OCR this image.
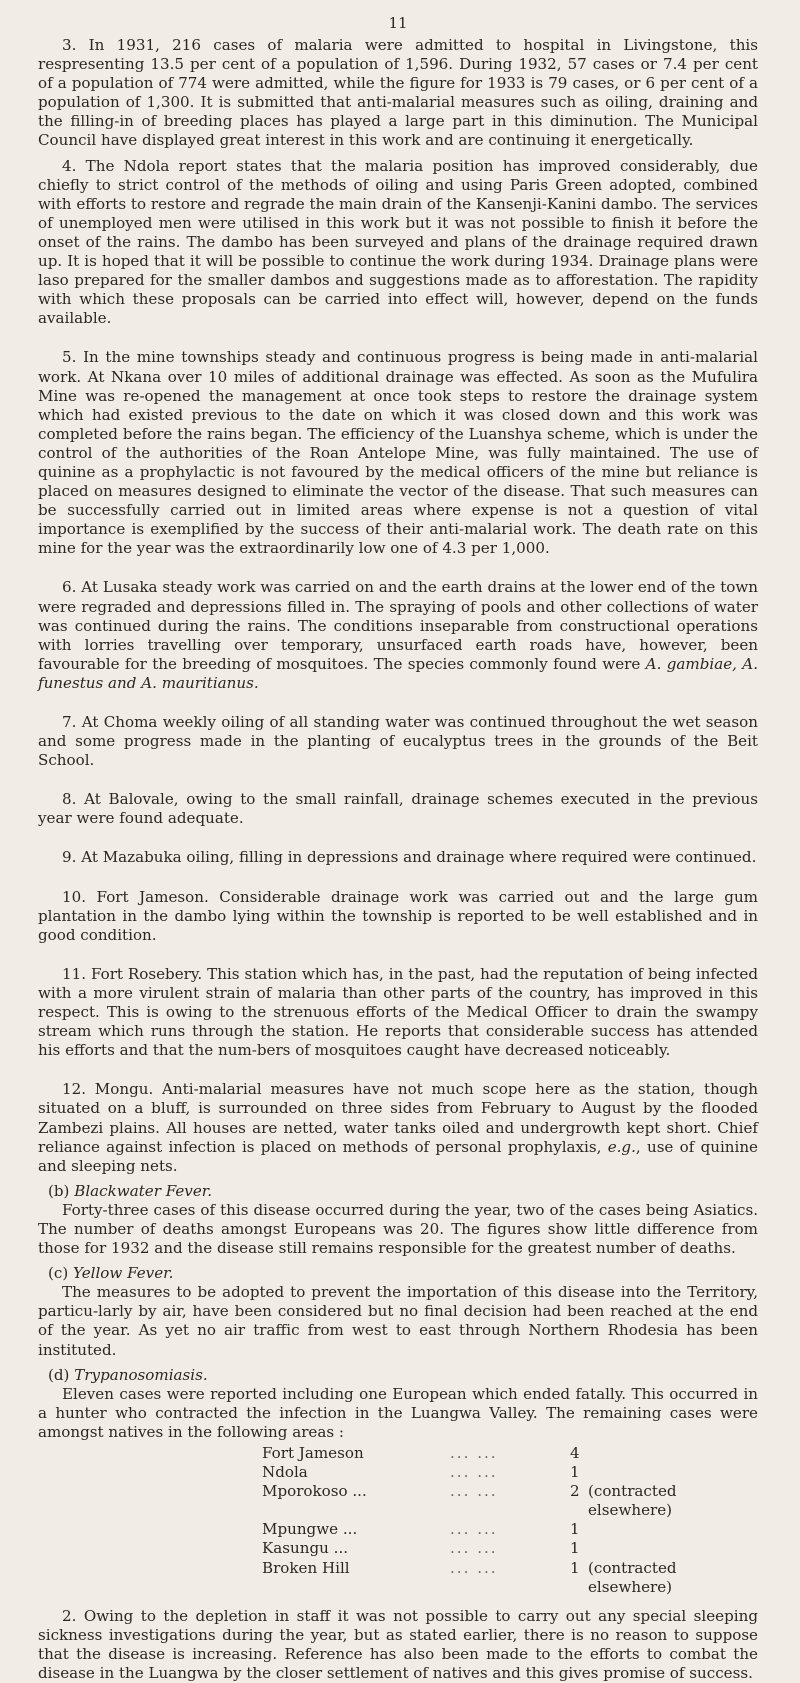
11

3. In 1931, 216 cases of malaria were admitted to hospital in Livingstone, this respresenting 13.5 per cent of a population of 1,596. During 1932, 57 cases or 7.4 per cent of a population of 774 were admitted, while the figure for 1933 is 79 cases, or 6 per cent of a population of 1,300. It is submitted that anti-malarial measures such as oiling, draining and the filling-in of breeding places has played a large part in this diminution. The Municipal Council have displayed great interest in this work and are continuing it energetically.

4. The Ndola report states that the malaria position has improved considerably, due chiefly to strict control of the methods of oiling and using Paris Green adopted, combined with efforts to restore and regrade the main drain of the Kansenji-Kanini dambo. The services of unemployed men were utilised in this work but it was not possible to finish it before the onset of the rains. The dambo has been surveyed and plans of the drainage required drawn up. It is hoped that it will be possible to continue the work during 1934. Drainage plans were laso prepared for the smaller dambos and suggestions made as to afforestation. The rapidity with which these proposals can be carried into effect will, however, depend on the funds available.

5. In the mine townships steady and continuous progress is being made in anti-malarial work. At Nkana over 10 miles of additional drainage was effected. As soon as the Mufulira Mine was re-opened the management at once took steps to restore the drainage system which had existed previous to the date on which it was closed down and this work was completed before the rains began. The efficiency of the Luanshya scheme, which is under the control of the authorities of the Roan Antelope Mine, was fully maintained. The use of quinine as a prophylactic is not favoured by the medical officers of the mine but reliance is placed on measures designed to eliminate the vector of the disease. That such measures can be successfully carried out in limited areas where expense is not a question of vital importance is exemplified by the success of their anti-malarial work. The death rate on this mine for the year was the extraordinarily low one of 4.3 per 1,000.

6. At Lusaka steady work was carried on and the earth drains at the lower end of the town were regraded and depressions filled in. The spraying of pools and other collections of water was continued during the rains. The conditions inseparable from constructional operations with lorries travelling over temporary, unsurfaced earth roads have, however, been favourable for the breeding of mosquitoes. The species commonly found were A. gambiae, A. funestus and A. mauritianus.

7. At Choma weekly oiling of all standing water was continued throughout the wet season and some progress made in the planting of eucalyptus trees in the grounds of the Beit School.

8. At Balovale, owing to the small rainfall, drainage schemes executed in the previous year were found adequate.

9. At Mazabuka oiling, filling in depressions and drainage where required were continued.

10. Fort Jameson. Considerable drainage work was carried out and the large gum plantation in the dambo lying within the township is reported to be well established and in good condition.

11. Fort Rosebery. This station which has, in the past, had the reputation of being infected with a more virulent strain of malaria than other parts of the country, has improved in this respect. This is owing to the strenuous efforts of the Medical Officer to drain the swampy stream which runs through the station. He reports that considerable success has attended his efforts and that the num-bers of mosquitoes caught have decreased noticeably.

12. Mongu. Anti-malarial measures have not much scope here as the station, though situated on a bluff, is surrounded on three sides from February to August by the flooded Zambezi plains. All houses are netted, water tanks oiled and undergrowth kept short. Chief reliance against infection is placed on methods of personal prophylaxis, e.g., use of quinine and sleeping nets.

(b) Blackwater Fever.

Forty-three cases of this disease occurred during the year, two of the cases being Asiatics. The number of deaths amongst Europeans was 20. The figures show little difference from those for 1932 and the disease still remains responsible for the greatest number of deaths.

(c) Yellow Fever.

The measures to be adopted to prevent the importation of this disease into the Territory, particu-larly by air, have been considered but no final decision had been reached at the end of the year. As yet no air traffic from west to east through Northern Rhodesia has been instituted.

(d) Trypanosomiasis.

Eleven cases were reported including one European which ended fatally. This occurred in a hunter who contracted the infection in the Luangwa Valley. The remaining cases were amongst natives in the following areas :

Fort Jameson	... ...	4	
Ndola	... ...	1	
Mporokoso ...	... ...	2	(contracted elsewhere)
Mpungwe ...	... ...	1	
Kasungu ...	... ...	1	
Broken Hill	... ...	1	(contracted elsewhere)

2. Owing to the depletion in staff it was not possible to carry out any special sleeping sickness investigations during the year, but as stated earlier, there is no reason to suppose that the disease is increasing. Reference has also been made to the efforts to combat the disease in the Luangwa by the closer settlement of natives and this gives promise of success.
